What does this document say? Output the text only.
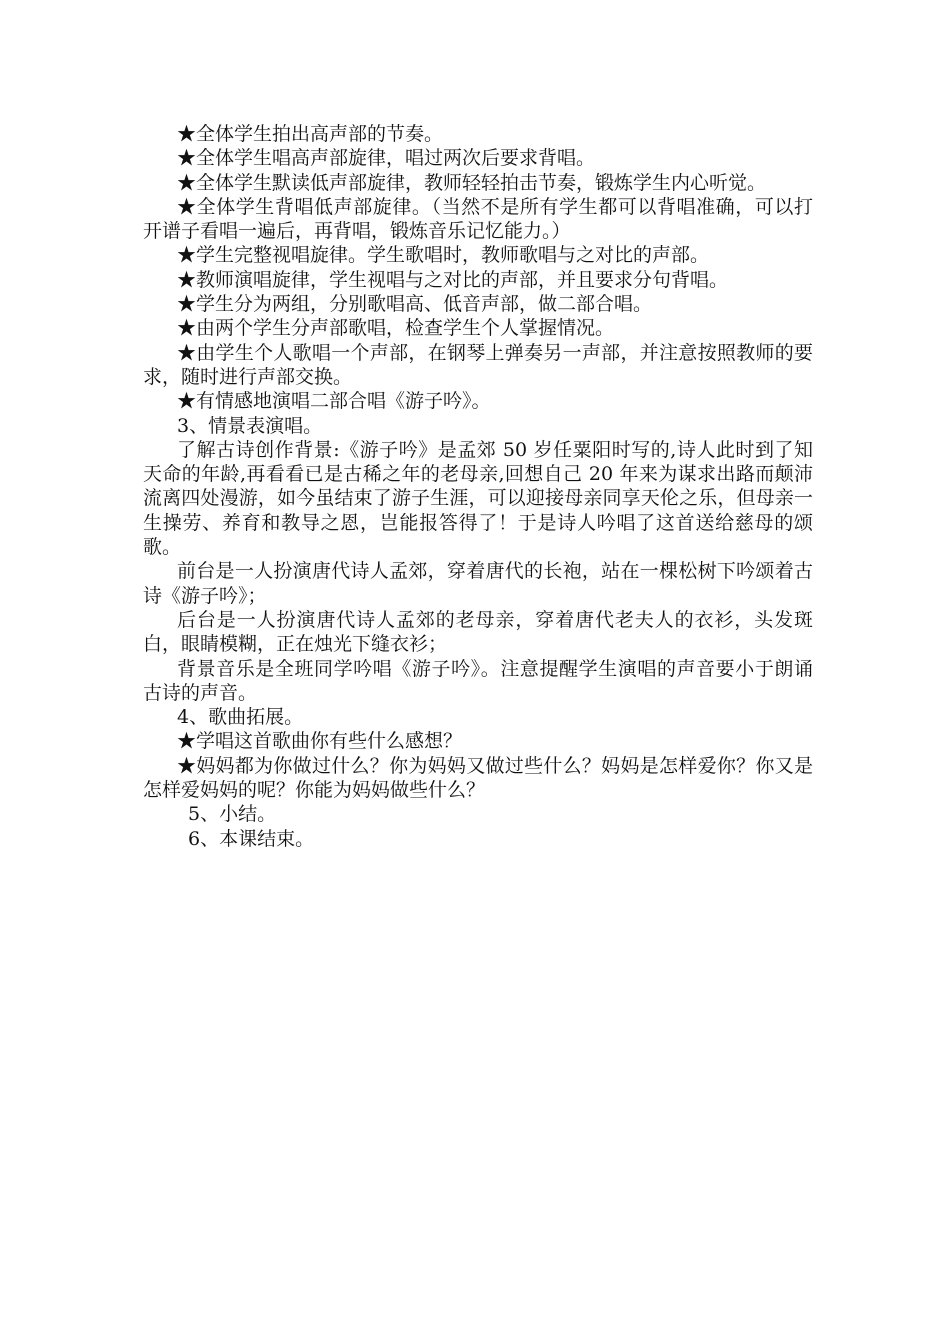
★全体学生拍出高声部的节奏。

★全体学生唱高声部旋律，唱过两次后要求背唱。

★全体学生默读低声部旋律，教师轻轻拍击节奏，锻炼学生内心听觉。

★全体学生背唱低声部旋律。（当然不是所有学生都可以背唱准确，可以打开谱子看唱一遍后，再背唱，锻炼音乐记忆能力。）

★学生完整视唱旋律。学生歌唱时，教师歌唱与之对比的声部。

★教师演唱旋律，学生视唱与之对比的声部，并且要求分句背唱。

★学生分为两组，分别歌唱高、低音声部，做二部合唱。

★由两个学生分声部歌唱，检查学生个人掌握情况。

★由学生个人歌唱一个声部，在钢琴上弹奏另一声部，并注意按照教师的要求，随时进行声部交换。

★有情感地演唱二部合唱《游子吟》。

3、情景表演唱。

了解古诗创作背景:《游子吟》是孟郊 50 岁任粟阳时写的,诗人此时到了知天命的年龄,再看看已是古稀之年的老母亲,回想自己 20 年来为谋求出路而颠沛流离四处漫游，如今虽结束了游子生涯，可以迎接母亲同享天伦之乐，但母亲一生操劳、养育和教导之恩，岂能报答得了！于是诗人吟唱了这首送给慈母的颂歌。

前台是一人扮演唐代诗人孟郊，穿着唐代的长袍，站在一棵松树下吟颂着古诗《游子吟》；

后台是一人扮演唐代诗人孟郊的老母亲，穿着唐代老夫人的衣衫，头发斑白，眼睛模糊，正在烛光下缝衣衫；

背景音乐是全班同学吟唱《游子吟》。注意提醒学生演唱的声音要小于朗诵古诗的声音。

4、歌曲拓展。

★学唱这首歌曲你有些什么感想？

★妈妈都为你做过什么？你为妈妈又做过些什么？妈妈是怎样爱你？你又是怎样爱妈妈的呢？你能为妈妈做些什么？

5、小结。

6、本课结束。
